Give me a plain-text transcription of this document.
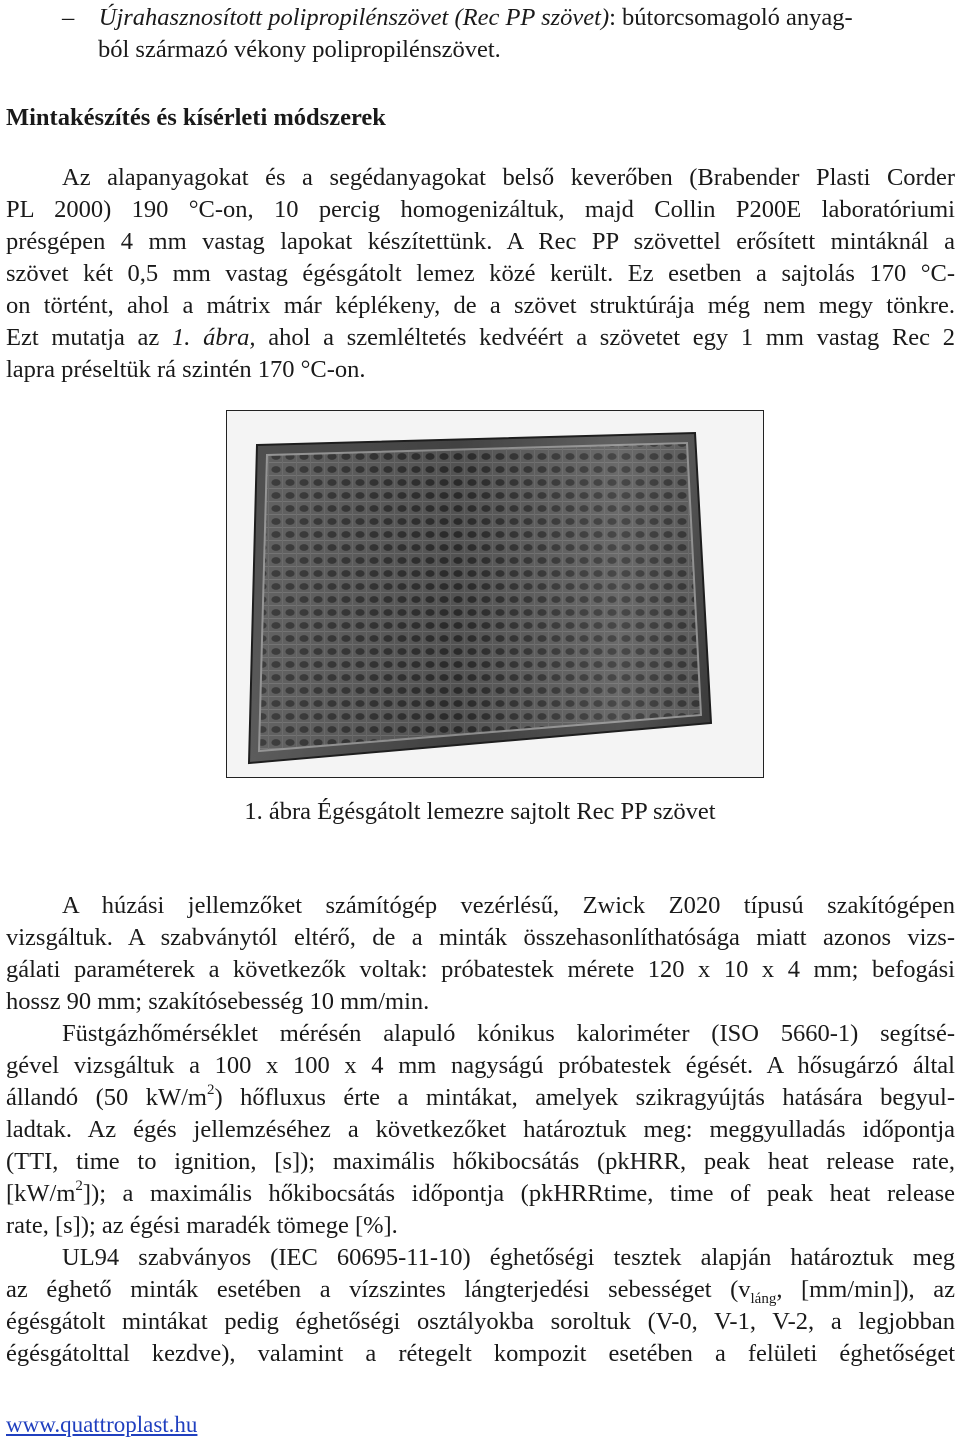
– Újrahasznosított polipropilénszövet (Rec PP szövet): bútorcsomagoló anyag-
ból származó vékony polipropilénszövet.
Mintakészítés és kísérleti módszerek
Az alapanyagokat és a segédanyagokat belső keverőben (Brabender Plasti Corder
PL 2000) 190 °C-on, 10 percig homogenizáltuk, majd Collin P200E laboratóriumi
présgépen 4 mm vastag lapokat készítettünk. A Rec PP szövettel erősített mintáknál a
szövet két 0,5 mm vastag égésgátolt lemez közé került. Ez esetben a sajtolás 170 °C-
on történt, ahol a mátrix már képlékeny, de a szövet struktúrája még nem megy tönkre.
Ezt mutatja az 1. ábra, ahol a szemléltetés kedvéért a szövetet egy 1 mm vastag Rec 2
lapra préseltük rá szintén 170 °C-on.
1. ábra Égésgátolt lemezre sajtolt Rec PP szövet
A húzási jellemzőket számítógép vezérlésű, Zwick Z020 típusú szakítógépen
vizsgáltuk. A szabványtól eltérő, de a minták összehasonlíthatósága miatt azonos vizs-
gálati paraméterek a következők voltak: próbatestek mérete 120 x 10 x 4 mm; befogási
hossz 90 mm; szakítósebesség 10 mm/min.
Füstgázhőmérséklet mérésén alapuló kónikus kaloriméter (ISO 5660-1) segítsé-
gével vizsgáltuk a 100 x 100 x 4 mm nagyságú próbatestek égését. A hősugárzó által
állandó (50 $kW/m^2$) hőfluxus érte a mintákat, amelyek szikragyújtás hatására begyul-
ladtak. Az égés jellemzéséhez a következőket határoztuk meg: meggyulladás időpontja
(TTI, time to ignition, [s]); maximális hőkibocsátás (pkHRR, peak heat release rate,
$[kW/m^2]$); a maximális hőkibocsátás időpontja (pkHRRtime, time of peak heat release
rate, [s]); az égési maradék tömege [%].
UL94 szabványos (IEC 60695-11-10) éghetőségi tesztek alapján határoztuk meg
az éghető minták esetében a vízszintes lángterjedési sebességet ($v_{láng}$, [mm/min]), az
égésgátolt mintákat pedig éghetőségi osztályokba soroltuk (V-0, V-1, V-2, a legjobban
égésgátolttal kezdve), valamint a rétegelt kompozit esetében a felületi éghetőséget
www.quattroplast.hu
